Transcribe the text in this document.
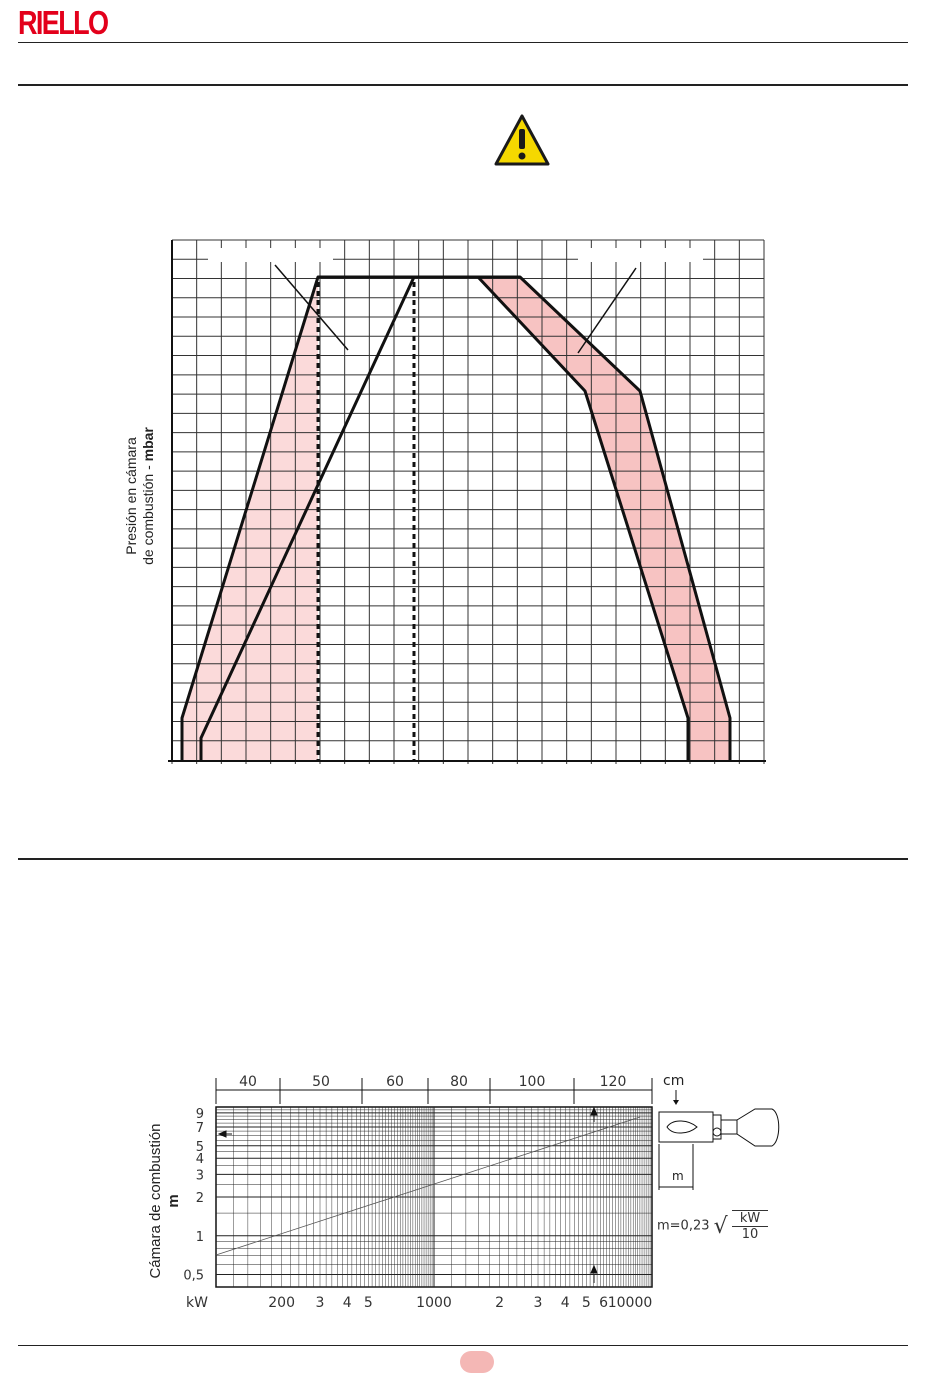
RIELLO
Presión en cámara de combustión - mbar
Cámara de combustión m
40	50	60	80	100	120
9
7
5
4
3
2
1
0,5
kW	200 3 4 5	1000	2 3 4 5 6 10000
cm
m
m=0,23 √ $\frac{kW}{10}$
